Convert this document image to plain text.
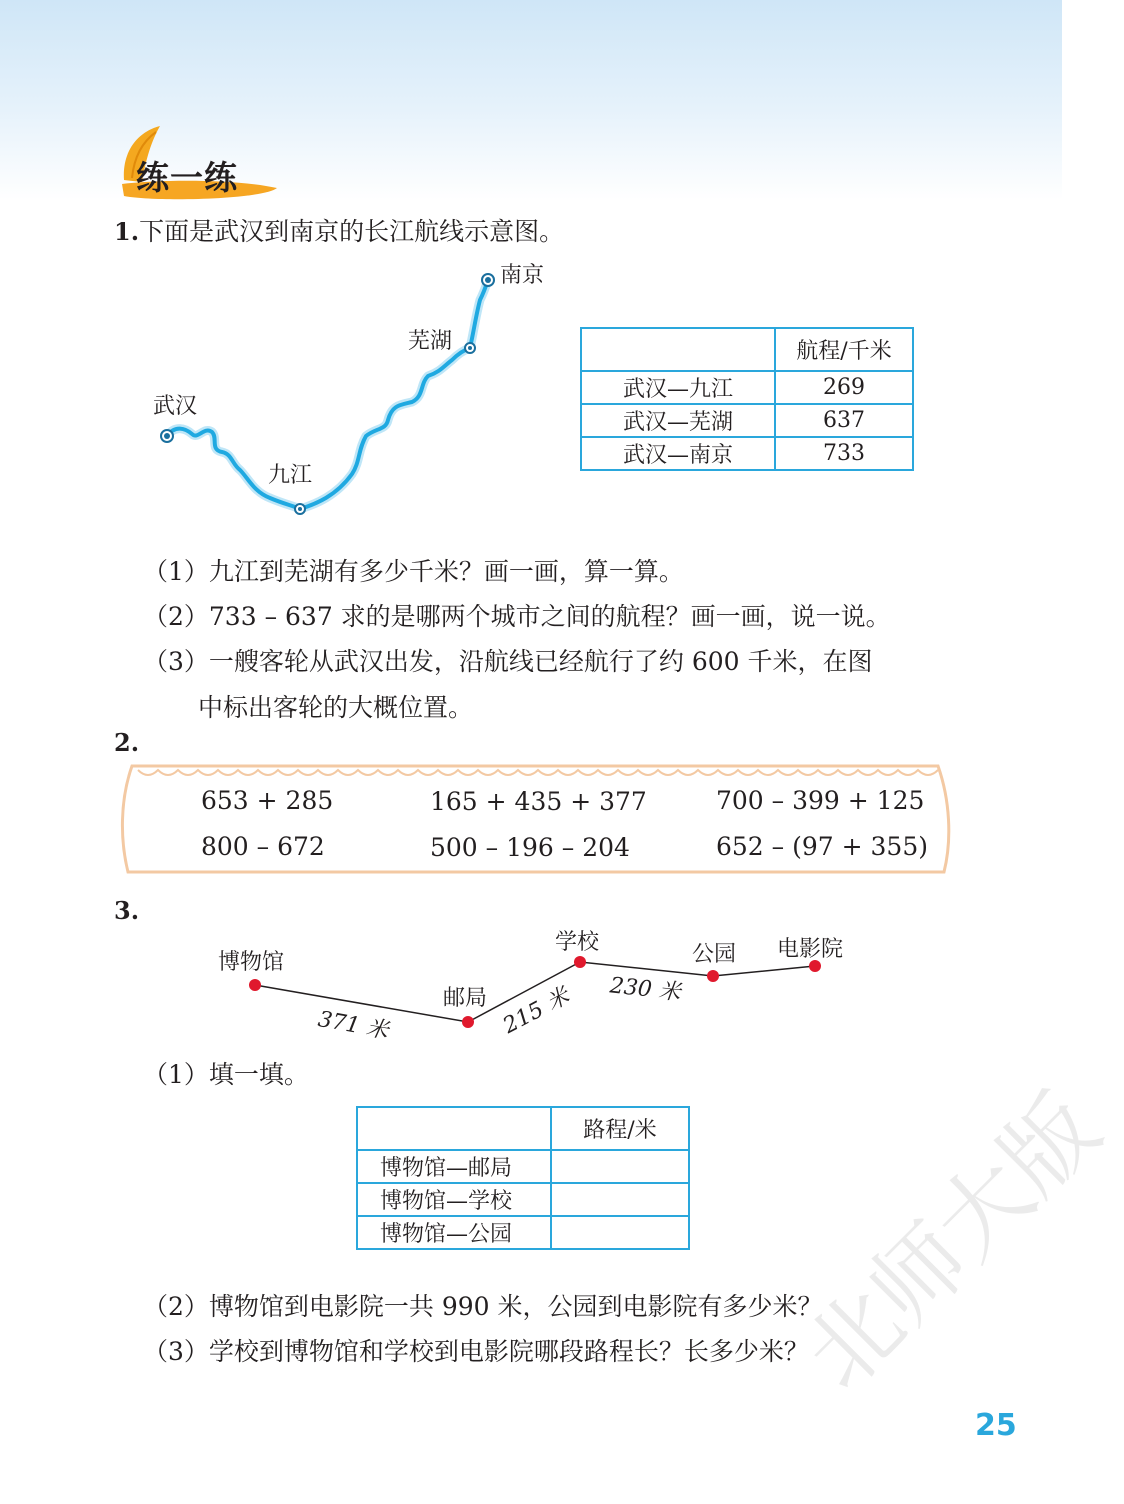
练一练
1.下面是武汉到南京的长江航线示意图。
南京
芜湖
武汉
九江
	航程/千米
武汉—九江	269
武汉—芜湖	637
武汉—南京	733
（1）九江到芜湖有多少千米？画一画，算一算。
（2）733 – 637 求的是哪两个城市之间的航程？画一画，说一说。
（3）一艘客轮从武汉出发，沿航线已经航行了约 600 千米，在图
中标出客轮的大概位置。
2.
653 + 285	165 + 435 + 377	700 – 399 + 125
800 – 672	500 – 196 – 204	652 – (97 + 355)
3.
博物馆
邮局
学校	公园 电影院
371 米	215 米 230 米
（1）填一填。
	路程/米
博物馆—邮局	
博物馆—学校	
博物馆—公园	
（2）博物馆到电影院一共 990 米，公园到电影院有多少米？
（3）学校到博物馆和学校到电影院哪段路程长？长多少米？
北师大版
25
